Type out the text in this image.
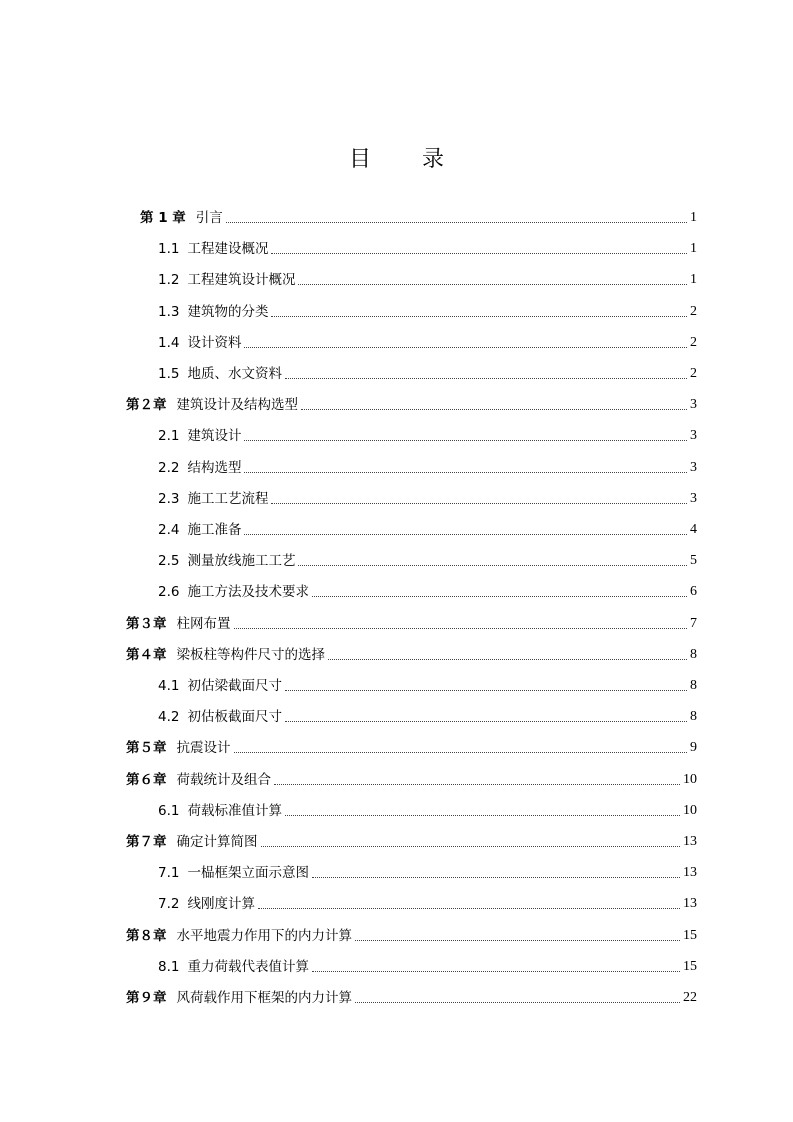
目 录
第 1 章 引言	1
1.1 工程建设概况	1
1.2 工程建筑设计概况	1
1.3 建筑物的分类	2
1.4 设计资料	2
1.5 地质、水文资料	2
第２章 建筑设计及结构选型	3
2.1 建筑设计	3
2.2 结构选型	3
2.3 施工工艺流程	3
2.4 施工准备	4
2.5 测量放线施工工艺	5
2.6 施工方法及技术要求	6
第３章 柱网布置	7
第４章 梁板柱等构件尺寸的选择	8
4.1 初估梁截面尺寸	8
4.2 初估板截面尺寸	8
第５章 抗震设计	9
第６章 荷载统计及组合	10
6.1 荷载标准值计算	10
第７章 确定计算简图	13
7.1 一榀框架立面示意图	13
7.2 线刚度计算	13
第８章 水平地震力作用下的内力计算	15
8.1 重力荷载代表值计算	15
第９章 风荷载作用下框架的内力计算	22
